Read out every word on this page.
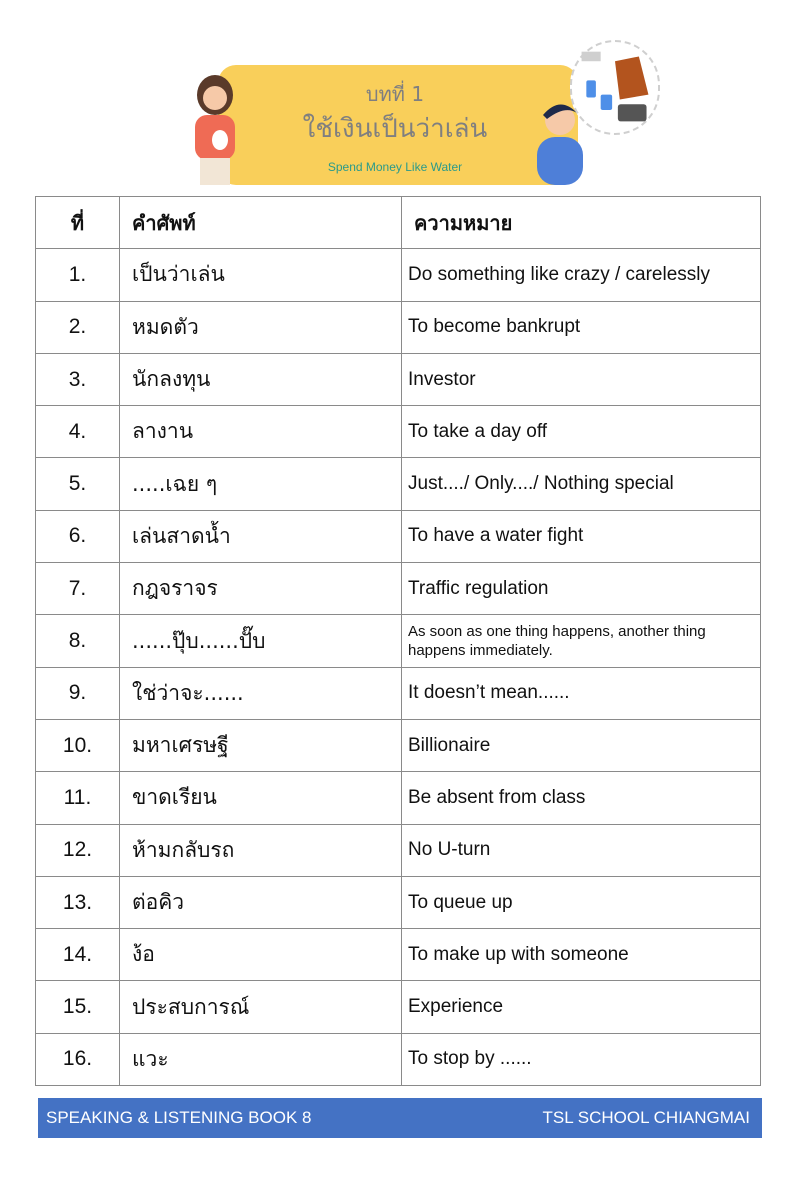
บทที่ 1
ใช้เงินเป็นว่าเล่น
Spend Money Like Water
ที่	คำศัพท์	ความหมาย
1.	เป็นว่าเล่น	Do something like crazy / carelessly
2.	หมดตัว	To become bankrupt
3.	นักลงทุน	Investor
4.	ลางาน	To take a day off
5.	.....เฉย ๆ	Just..../ Only..../ Nothing special
6.	เล่นสาดน้ำ	To have a water fight
7.	กฎจราจร	Traffic regulation
8.	......ปุ๊บ......ปั๊บ	As soon as one thing happens, another thing happens immediately.
9.	ใช่ว่าจะ......	It doesn’t mean......
10.	มหาเศรษฐี	Billionaire
11.	ขาดเรียน	Be absent from class
12.	ห้ามกลับรถ	No U-turn
13.	ต่อคิว	To queue up
14.	ง้อ	To make up with someone
15.	ประสบการณ์	Experience
16.	แวะ	To stop by ......
SPEAKING & LISTENING BOOK 8	TSL SCHOOL CHIANGMAI
